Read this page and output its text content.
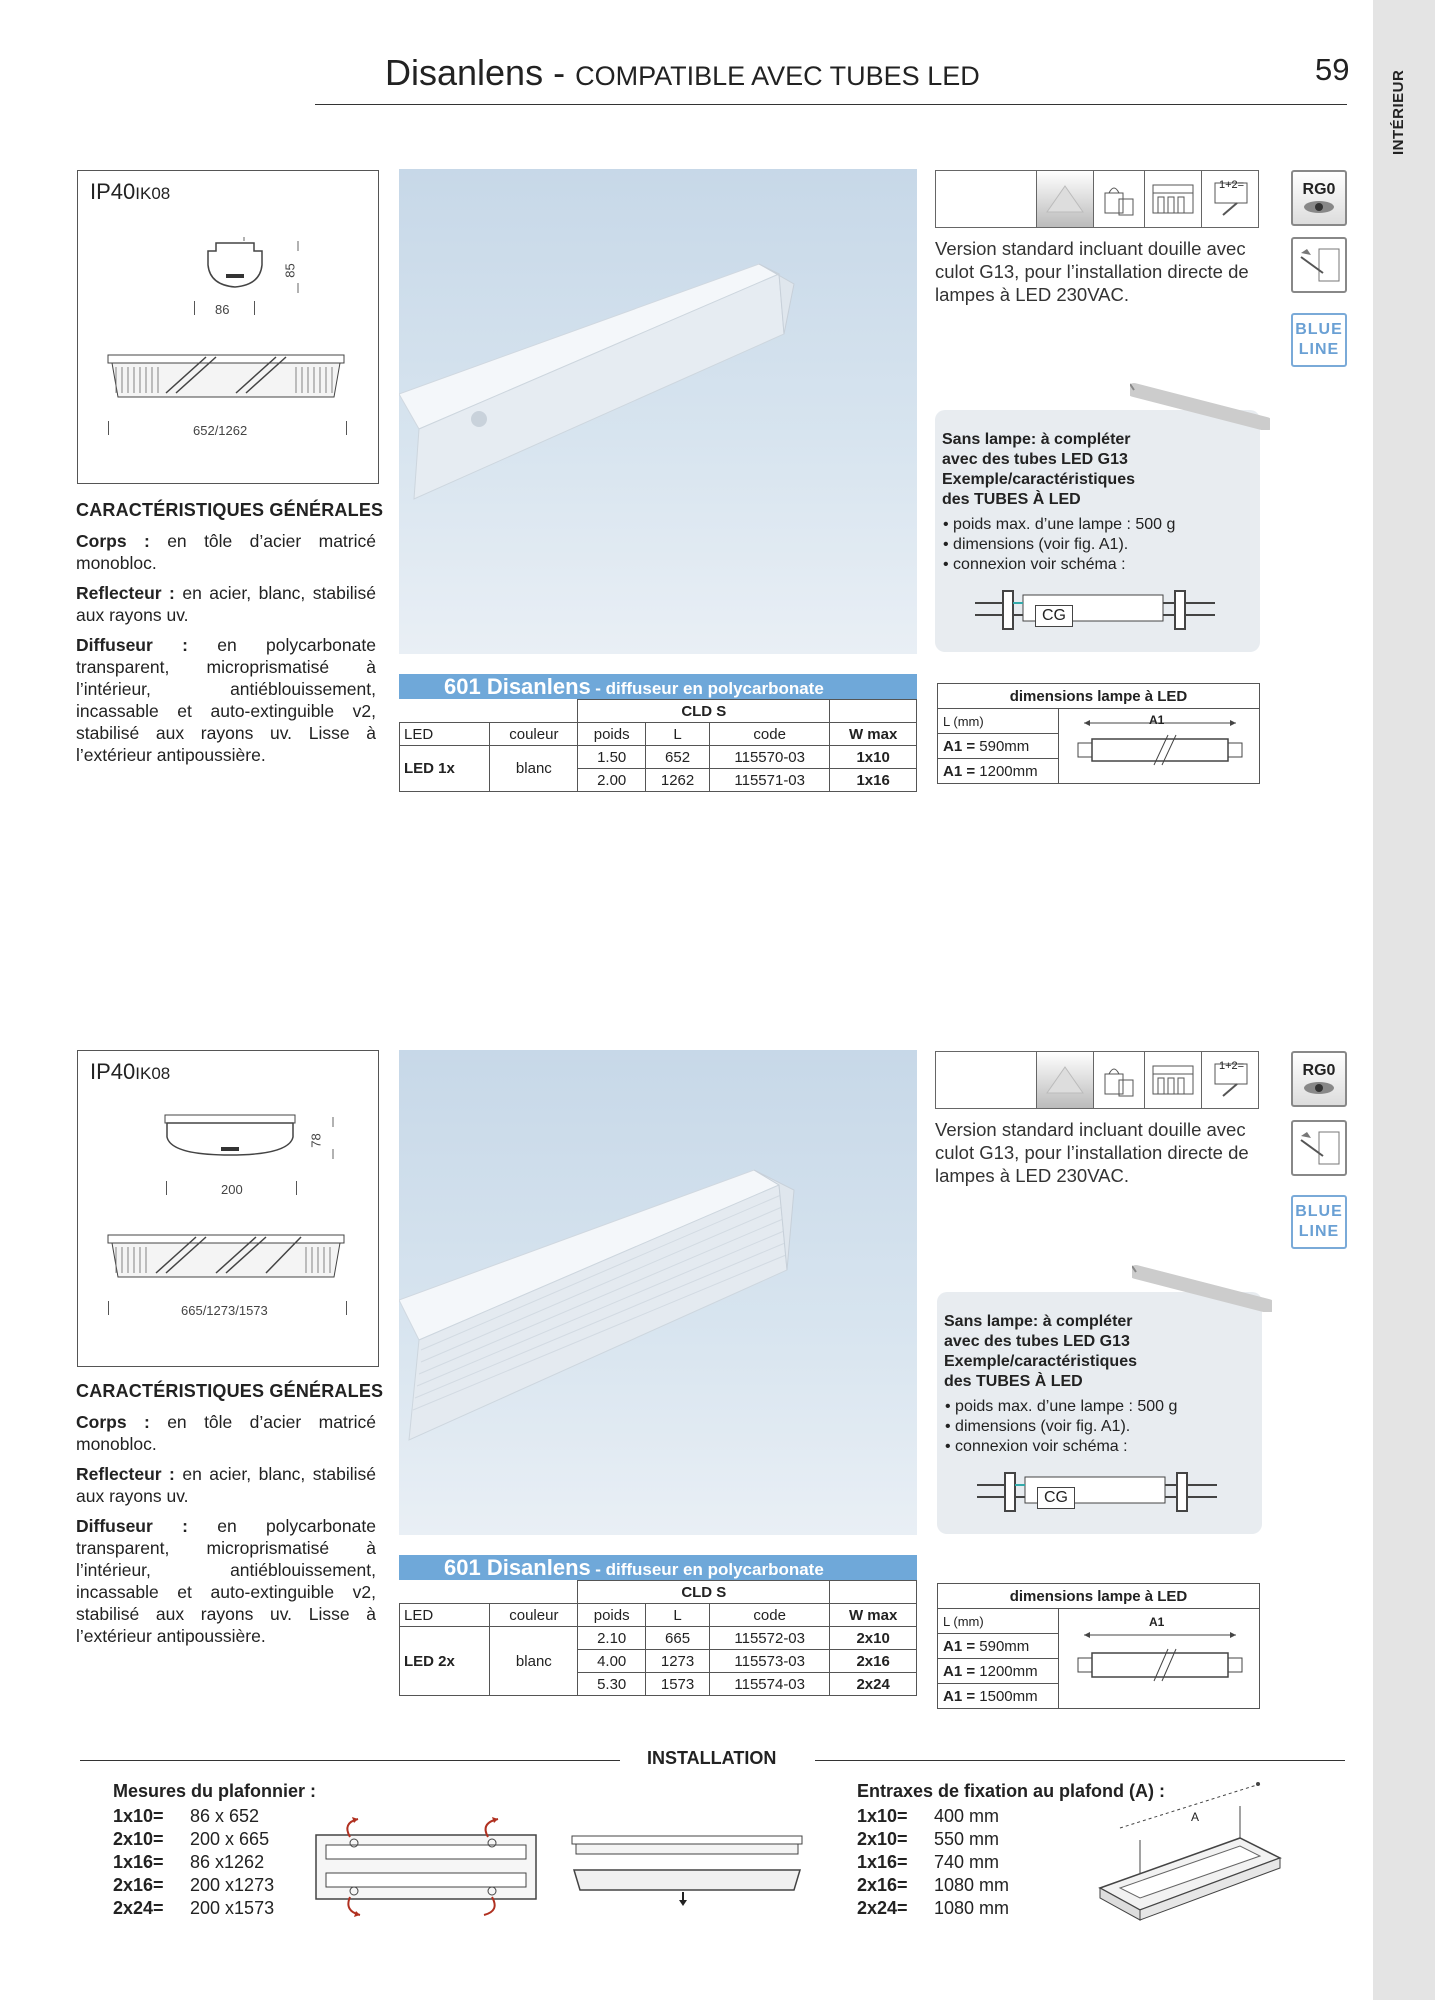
INTÉRIEUR
Disanlens - COMPATIBLE AVEC TUBES LED	59
IP40IK08
85
86
652/1262
CARACTÉRISTIQUES GÉNÉRALES

Corps : en tôle d’acier matricé monobloc.

Reflecteur : en acier, blanc, stabilisé aux rayons uv.

Diffuseur : en polycarbonate transparent, microprismatisé à l’intérieur, antiéblouissement, incassable et auto-extinguible v2, stabilisé aux rayons uv. Lisse à l’extérieur antipoussière.

1+2=	RG0
BLUE
LINE
Version standard incluant douille avec culot G13, pour l’installation directe de lampes à LED 230VAC.
Sans lampe: à compléter avec des tubes LED G13 Exemple/caractéristiques des TUBES À LED
• poids max. d’une lampe : 500 g
• dimensions (voir fig. A1).
• connexion voir schéma :
CG
601 Disanlens - diffuseur en polycarbonate
		CLD S			
LED	couleur	poids	L	code	W max
LED 1x	blanc	1.50	652	115570-03	1x10
		2.00	1262	115571-03	1x16
dimensions lampe à LED
L (mm)	A1

A1 = 590mm
A1 = 1200mm
IP40IK08
78
200
665/1273/1573
CARACTÉRISTIQUES GÉNÉRALES

Corps : en tôle d’acier matricé monobloc.

Reflecteur : en acier, blanc, stabilisé aux rayons uv.

Diffuseur : en polycarbonate transparent, microprismatisé à l’intérieur, antiéblouissement, incassable et auto-extinguible v2, stabilisé aux rayons uv. Lisse à l’extérieur antipoussière.

1+2=	RG0
BLUE
LINE
Version standard incluant douille avec culot G13, pour l’installation directe de lampes à LED 230VAC.
Sans lampe: à compléter avec des tubes LED G13 Exemple/caractéristiques des TUBES À LED
• poids max. d’une lampe : 500 g
• dimensions (voir fig. A1).
• connexion voir schéma :
CG
601 Disanlens - diffuseur en polycarbonate
		CLD S			
LED	couleur	poids	L	code	W max
LED 2x	blanc	2.10	665	115572-03	2x10
		4.00	1273	115573-03	2x16
		5.30	1573	115574-03	2x24
dimensions lampe à LED
L (mm)	A1

A1 = 590mm
A1 = 1200mm
A1 = 1500mm
INSTALLATION
Mesures du plafonnier :
1x10= 86 x 652
2x10= 200 x 665
1x16= 86 x1262
2x16= 200 x1273
2x24= 200 x1573
Entraxes de fixation au plafond (A) :
1x10= 400 mm
2x10= 550 mm
1x16= 740 mm
2x16= 1080 mm
2x24= 1080 mm
A
